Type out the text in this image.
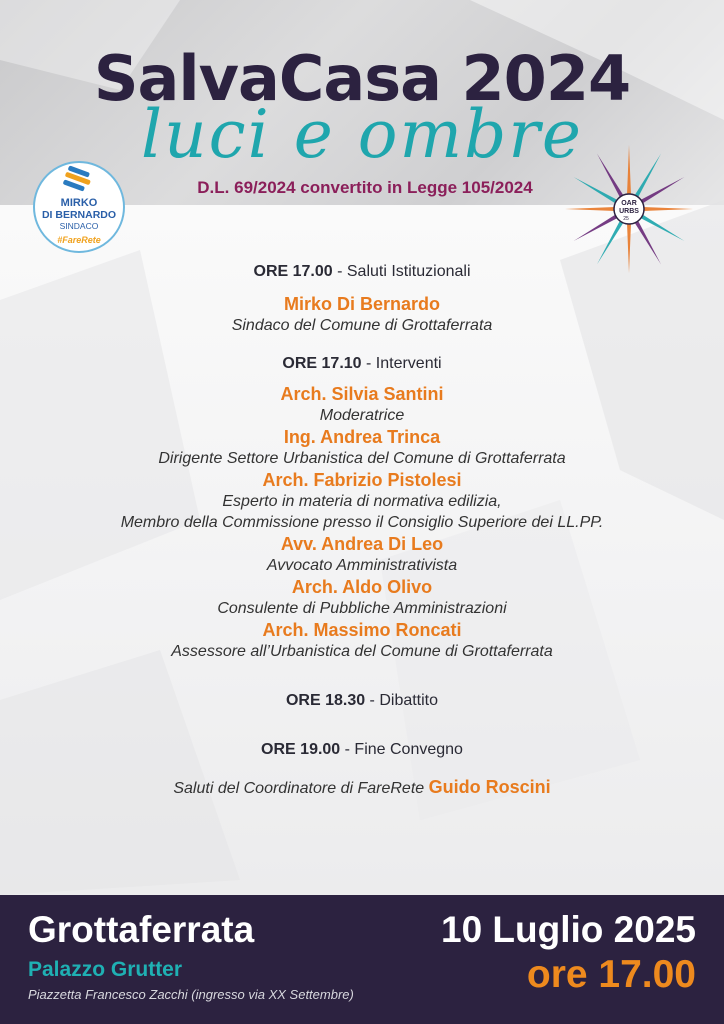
SalvaCasa 2024
luci e ombre
D.L. 69/2024 convertito in Legge 105/2024
MIRKO
DI BERNARDO
SINDACO
#FareRete
OAR
URBS
25

ORE 17.00 - Saluti Istituzionali

Mirko Di Bernardo

Sindaco del Comune di Grottaferrata

ORE 17.10 - Interventi

Arch. Silvia Santini

Moderatrice

Ing. Andrea Trinca

Dirigente Settore Urbanistica del Comune di Grottaferrata

Arch. Fabrizio Pistolesi

Esperto in materia di normativa edilizia,

Membro della Commissione presso il Consiglio Superiore dei LL.PP.

Avv. Andrea Di Leo

Avvocato Amministrativista

Arch. Aldo Olivo

Consulente di Pubbliche Amministrazioni

Arch. Massimo Roncati

Assessore all’Urbanistica del Comune di Grottaferrata

ORE 18.30 - Dibattito

ORE 19.00 - Fine Convegno

Saluti del Coordinatore di FareRete Guido Roscini

Grottaferrata
Palazzo Grutter
Piazzetta Francesco Zacchi (ingresso via XX Settembre)
10 Luglio 2025
ore 17.00
